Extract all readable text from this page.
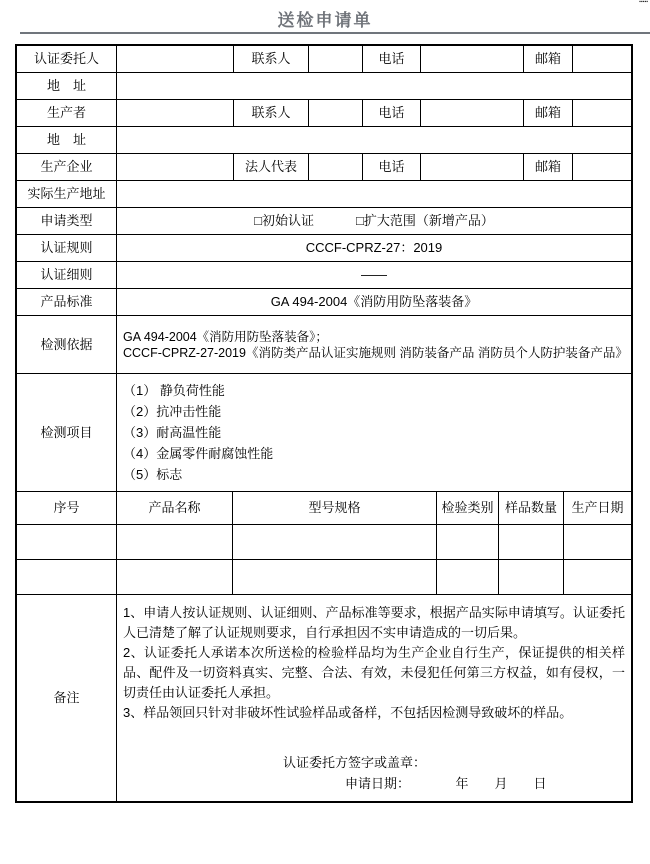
送检申请单
▪▪▪▪▪
认证委托人	联系人	电话	邮箱
地　址
生产者	联系人	电话	邮箱
地　址
生产企业	法人代表	电话	邮箱
实际生产地址
申请类型	□初始认证	□扩大范围（新增产品）
认证规则	CCCF-CPRZ-27：2019
认证细则	——
产品标准	GA 494-2004《消防用防坠落装备》
检测依据	GA 494-2004《消防用防坠落装备》；
CCCF-CPRZ-27-2019《消防类产品认证实施规则 消防装备产品 消防员个人防护装备产品》
检测项目
（1） 静负荷性能
（2）抗冲击性能
（3）耐高温性能
（4）金属零件耐腐蚀性能
（5）标志
序号	产品名称	型号规格	检验类别 样品数量	生产日期
备注

1、申请人按认证规则、认证细则、产品标准等要求，根据产品实际申请填写。认证委托人已清楚了解了认证规则要求，自行承担因不实申请造成的一切后果。

2、认证委托人承诺本次所送检的检验样品均为生产企业自行生产，保证提供的相关样品、配件及一切资料真实、完整、合法、有效，未侵犯任何第三方权益，如有侵权，一切责任由认证委托人承担。

3、样品领回只针对非破坏性试验样品或备样，不包括因检测导致破坏的样品。

认证委托方签字或盖章：
申请日期：　　　　年　　月　　日
